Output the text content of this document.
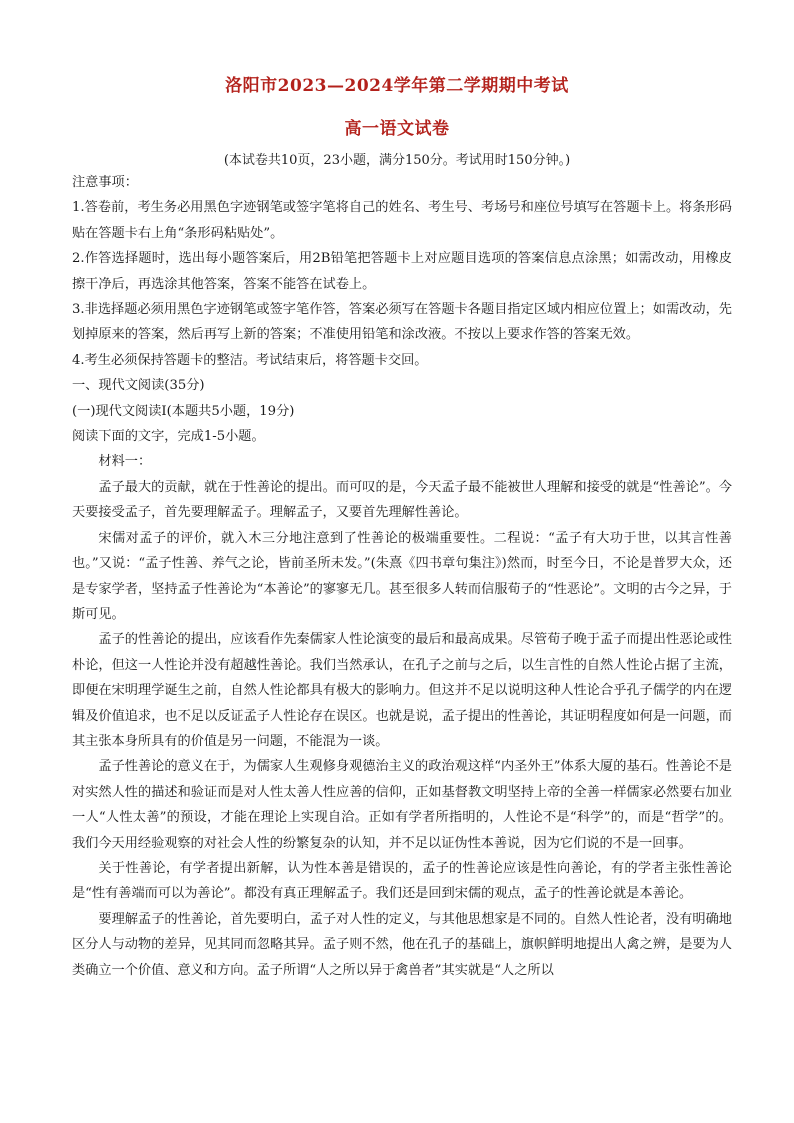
洛阳市2023—2024学年第二学期期中考试
高一语文试卷
(本试卷共10页，23小题，满分150分。考试用时150分钟。)

注意事项：

1.答卷前，考生务必用黑色字迹钢笔或签字笔将自己的姓名、考生号、考场号和座位号填写在答题卡上。将条形码贴在答题卡右上角“条形码粘贴处”。

2.作答选择题时，选出每小题答案后，用2B铅笔把答题卡上对应题目选项的答案信息点涂黑；如需改动，用橡皮擦干净后，再选涂其他答案，答案不能答在试卷上。

3.非选择题必须用黑色字迹钢笔或签字笔作答，答案必须写在答题卡各题目指定区域内相应位置上；如需改动，先划掉原来的答案，然后再写上新的答案；不准使用铅笔和涂改液。不按以上要求作答的答案无效。

4.考生必须保持答题卡的整洁。考试结束后，将答题卡交回。

一、现代文阅读(35分)

(一)现代文阅读Ⅰ(本题共5小题，19分)

阅读下面的文字，完成1-5小题。

材料一：

孟子最大的贡献，就在于性善论的提出。而可叹的是，今天孟子最不能被世人理解和接受的就是“性善论”。今天要接受孟子，首先要理解孟子。理解孟子，又要首先理解性善论。

宋儒对孟子的评价，就入木三分地注意到了性善论的极端重要性。二程说：“孟子有大功于世，以其言性善也。”又说：“孟子性善、养气之论，皆前圣所未发。”(朱熹《四书章句集注》)然而，时至今日，不论是普罗大众，还是专家学者，坚持孟子性善论为“本善论”的寥寥无几。甚至很多人转而信服荀子的“性恶论”。文明的古今之异，于斯可见。

孟子的性善论的提出，应该看作先秦儒家人性论演变的最后和最高成果。尽管荀子晚于孟子而提出性恶论或性朴论，但这一人性论并没有超越性善论。我们当然承认，在孔子之前与之后，以生言性的自然人性论占据了主流，即便在宋明理学诞生之前，自然人性论都具有极大的影响力。但这并不足以说明这种人性论合乎孔子儒学的内在逻辑及价值追求，也不足以反证孟子人性论存在误区。也就是说，孟子提出的性善论，其证明程度如何是一问题，而其主张本身所具有的价值是另一问题，不能混为一谈。

孟子性善论的意义在于，为儒家人生观修身观德治主义的政治观这样“内圣外王”体系大厦的基石。性善论不是对实然人性的描述和验证而是对人性太善人性应善的信仰，正如基督教文明坚持上帝的全善一样儒家必然要右加业一人“人性太善”的预设，才能在理论上实现自洽。正如有学者所指明的，人性论不是“科学”的，而是“哲学”的。我们今天用经验观察的对社会人性的纷繁复杂的认知，并不足以证伪性本善说，因为它们说的不是一回事。

关于性善论，有学者提出新解，认为性本善是错误的，孟子的性善论应该是性向善论，有的学者主张性善论是“性有善端而可以为善论”。都没有真正理解孟子。我们还是回到宋儒的观点，孟子的性善论就是本善论。

要理解孟子的性善论，首先要明白，孟子对人性的定义，与其他思想家是不同的。自然人性论者，没有明确地区分人与动物的差异，见其同而忽略其异。孟子则不然，他在孔子的基础上，旗帜鲜明地提出人禽之辨，是要为人类确立一个价值、意义和方向。孟子所谓“人之所以异于禽兽者”其实就是“人之所以
